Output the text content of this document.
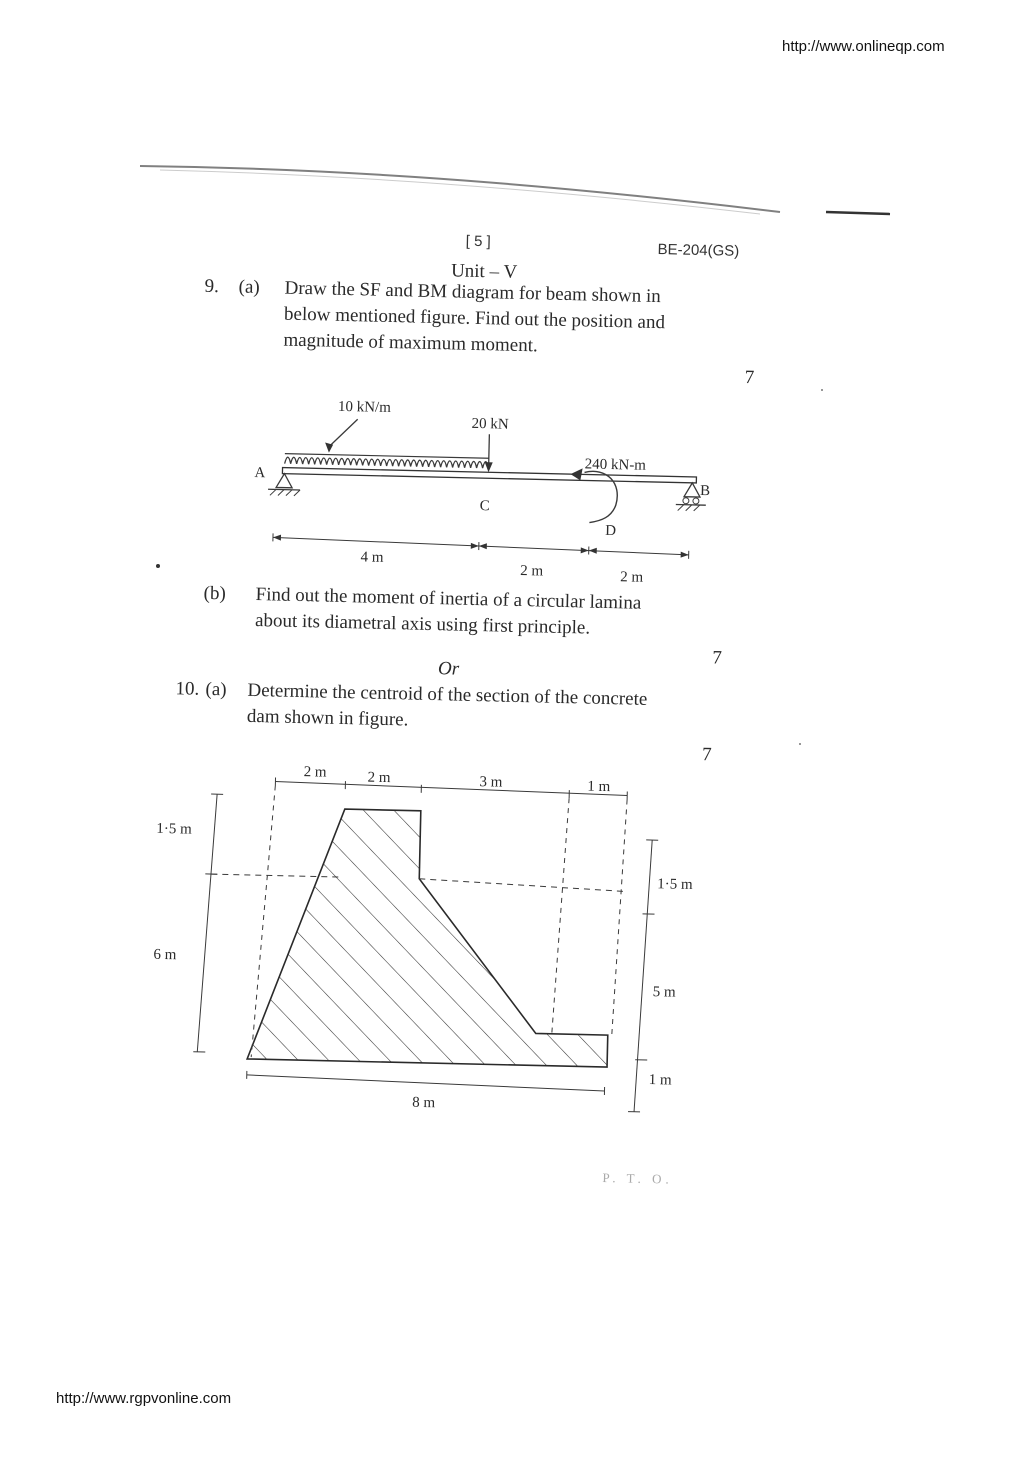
http://www.onlineqp.com
http://www.rgpvonline.com
[ 5 ]	BE-204(GS)
Unit – V
9. (a) Draw the SF and BM diagram for beam shown in
below mentioned figure. Find out the position and
magnitude of maximum moment.
7
10 kN/m
20 kN
A
C
240 kN-m
D
B
4 m
2 m	2 m
(b) Find out the moment of inertia of a circular lamina
about its diametral axis using first principle.
7
Or
10. (a) Determine the centroid of the section of the concrete
dam shown in figure.
7
2 m	2 m	3 m	1 m
1·5 m
6 m
1·5 m
5 m
1 m
8 m
P. T. O.
